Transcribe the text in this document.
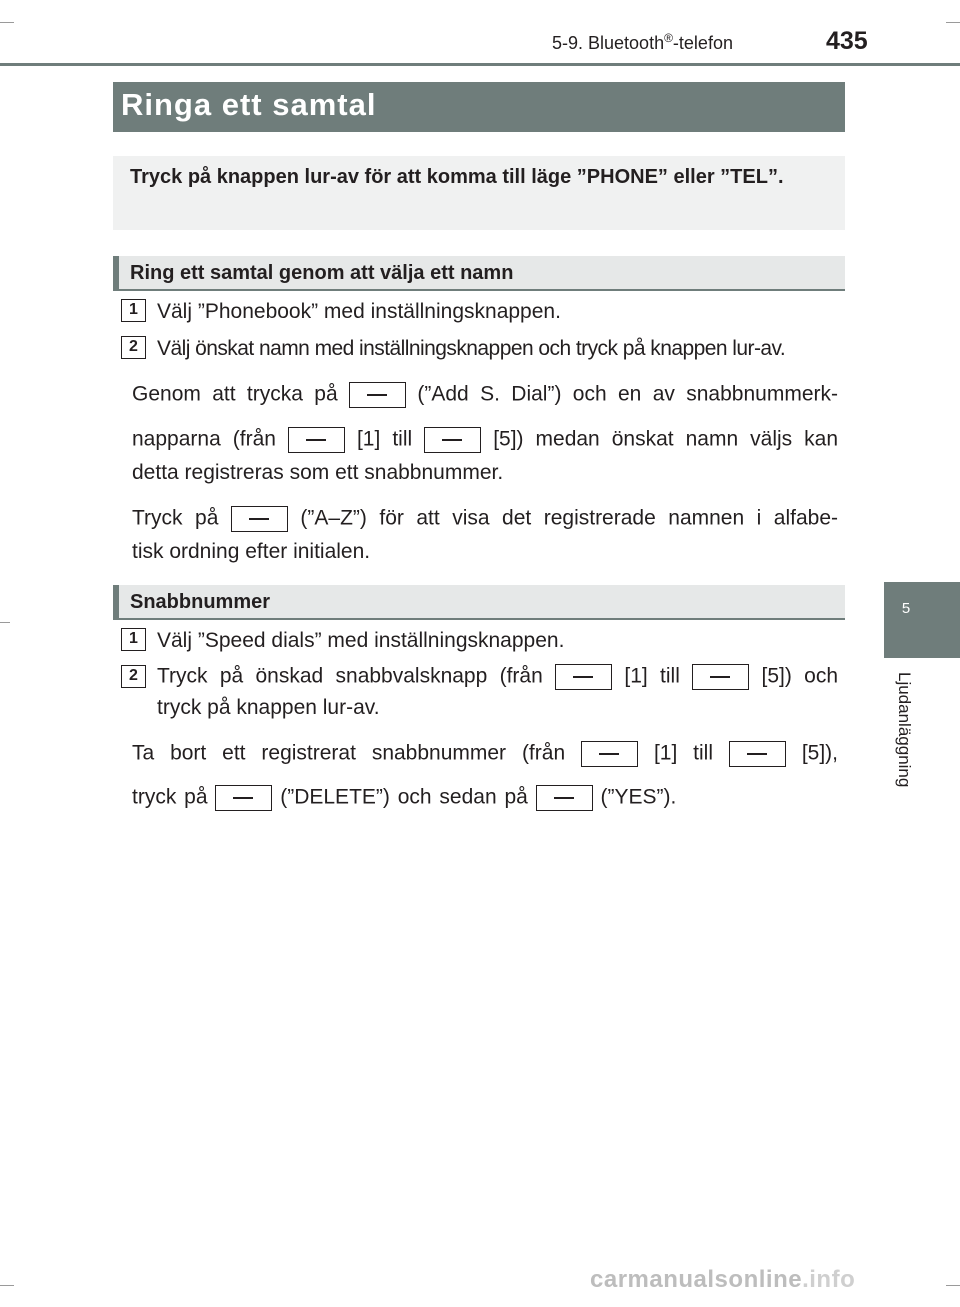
5-9. Bluetooth®-telefon	435
5
Ljudanläggning
Ringa ett samtal
Tryck på knappen lur-av för att komma till läge ”PHONE” eller ”TEL”.
Ring ett samtal genom att välja ett namn
1 Välj ”Phonebook” med inställningsknappen.
2 Välj önskat namn med inställningsknappen och tryck på knappen lur-av.
Genom att trycka på	(”Add S. Dial”) och en av snabbnummerk-
napparna (från	[1] till	[5]) medan önskat namn väljs kan
detta registreras som ett snabbnummer.
Tryck på	(”A–Z”) för att visa det registrerade namnen i alfabe-
tisk ordning efter initialen.
Snabbnummer
1 Välj ”Speed dials” med inställningsknappen.
2 Tryck på önskad snabbvalsknapp (från	[1] till	[5]) och
tryck på knappen lur-av.
Ta bort ett registrerat snabbnummer (från	[1] till	[5]),
tryck på	(”DELETE”) och sedan på	(”YES”).
carmanualsonline.info
